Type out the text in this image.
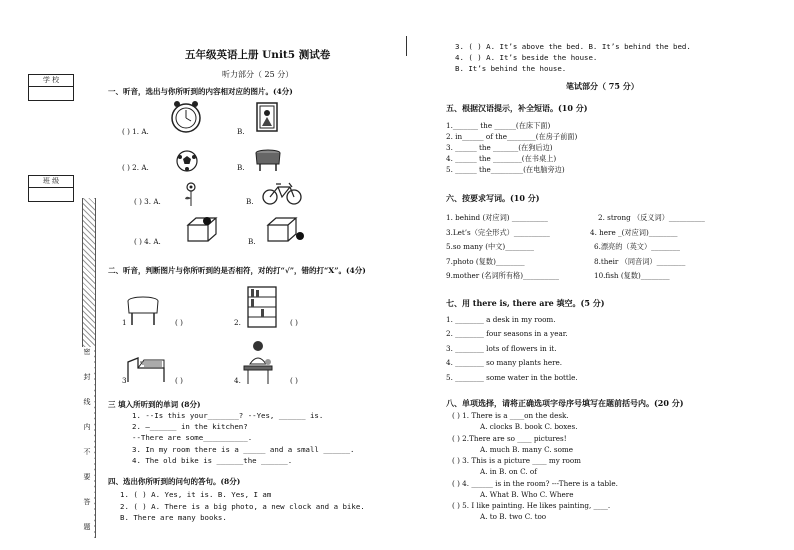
五年级英语上册 Unit5 测试卷
学 校
班 级
密
封
线
内
不
要
答
题
听力部分（ 25 分）
一、听音，选出与你所听到的内容相对应的图片。(4分)
( ) 1. A.	B.
( ) 2. A.	B.
( ) 3. A.	B.
( ) 4. A.	B.
二、听音，判断图片与你所听到的是否相符，对的打“√”，错的打“X”。(4分)
1	( )	2.	( )
3	( )	4.	( )
三 填入所听到的单词 (8分)
1. --Is this your_______? --Yes, ______ is.
2. —______ in the kitchen?
--There are some__________.
3. In my room there is a _____ and a small ______.
4. The old bike is ______the ______.
四、选出你所听到的问句的答句。(8分)
1. ( ) A. Yes, it is. B. Yes, I am
2. ( ) A. There is a big photo, a new clock and a bike.
B. There are many books.
3. ( ) A. It’s above the bed. B. It’s behind the bed.
4. ( ) A. It’s beside the house.
B. It’s behind the house.
笔试部分（ 75 分）
五、根据汉语提示，补全短语。(10 分)
1._______ the ______(在床下面)
2. in______ of the________(在房子前面)
3. ______ the _______(在狗后边)
4. ______ the ________(在书桌上)
5. ______ the_________(在电脑旁边)
六、按要求写词。(10 分)
1. behind (对应词) __________	2. strong （反义词）__________
3.Let’s（完全形式）__________	4. here _(对应词)________
5.so many (中文)________	6.漂亮的（英文）________
7.photo (复数)________	8.their （同音词）________
9.mother (名词所有格)__________	10.fish (复数)________
七、用 there is, there are 填空。(5 分)
1. ________ a desk in my room.
2. ________ four seasons in a year.
3. ________ lots of flowers in it.
4. ________ so many plants here.
5. ________ some water in the bottle.
八、单项选择，请将正确选项字母序号填写在题前括号内。(20 分)
( ) 1. There is a ____on the desk.
A. clocks B. book C. boxes.
( ) 2.There are so ____ pictures!
A. much B. many C. some
( ) 3. This is a picture ____ my room
A. in B. on C. of
( ) 4. ______ is in the room? ---There is a table.
A. What B. Who C. Where
( ) 5. I like painting. He likes painting, ____.
A. to B. two C. too
